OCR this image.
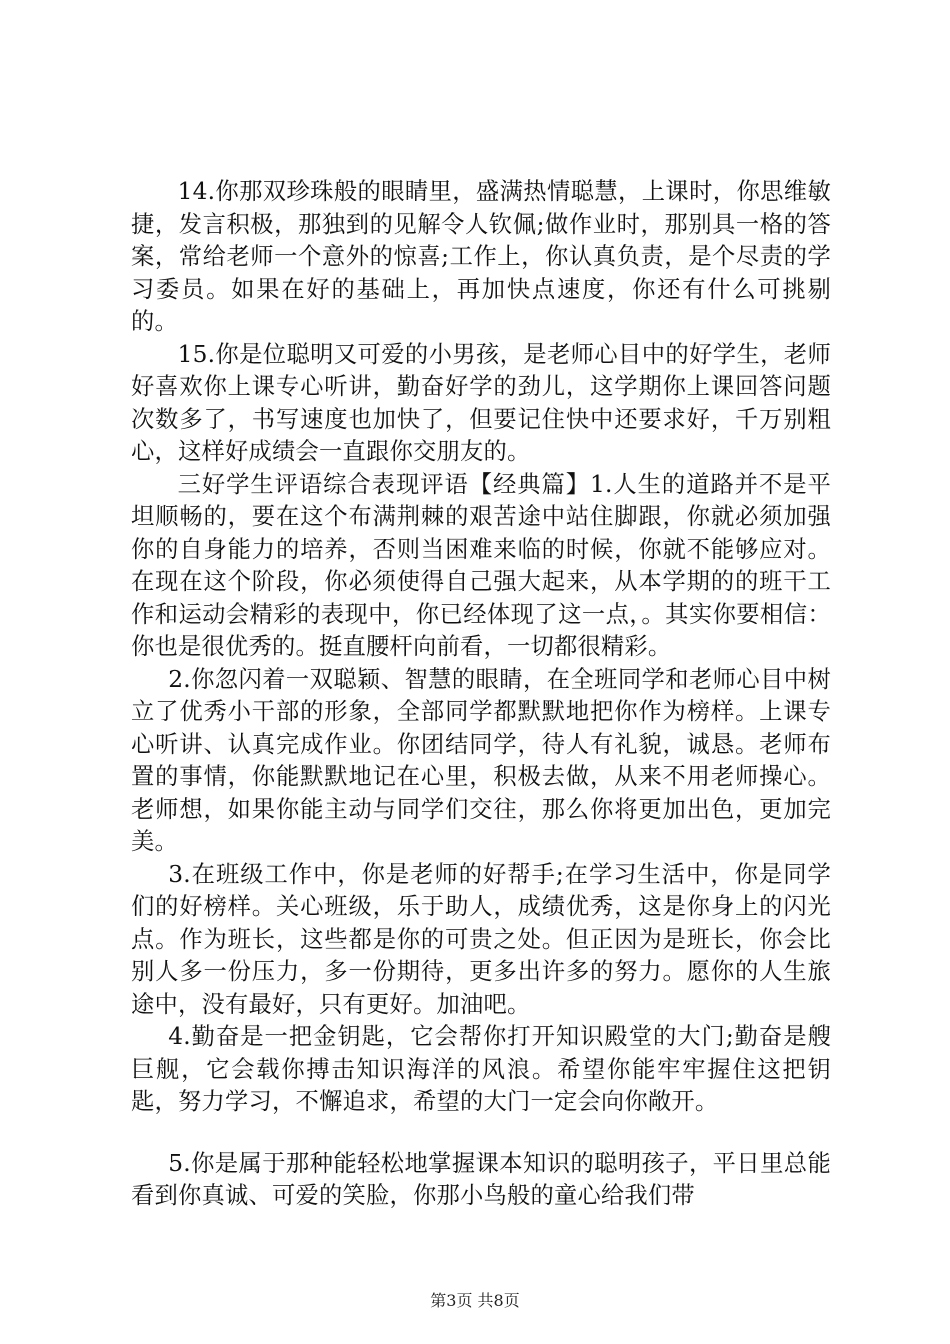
14.你那双珍珠般的眼睛里，盛满热情聪慧，上课时，你思维敏捷，发言积极，那独到的见解令人钦佩;做作业时，那别具一格的答案，常给老师一个意外的惊喜;工作上，你认真负责，是个尽责的学习委员。如果在好的基础上，再加快点速度，你还有什么可挑剔的。

15.你是位聪明又可爱的小男孩，是老师心目中的好学生，老师好喜欢你上课专心听讲，勤奋好学的劲儿，这学期你上课回答问题次数多了，书写速度也加快了，但要记住快中还要求好，千万别粗心，这样好成绩会一直跟你交朋友的。

三好学生评语综合表现评语【经典篇】1.人生的道路并不是平坦顺畅的，要在这个布满荆棘的艰苦途中站住脚跟，你就必须加强你的自身能力的培养，否则当困难来临的时候，你就不能够应对。在现在这个阶段，你必须使得自己强大起来，从本学期的的班干工作和运动会精彩的表现中，你已经体现了这一点，。其实你要相信：你也是很优秀的。挺直腰杆向前看，一切都很精彩。

2.你忽闪着一双聪颖、智慧的眼睛，在全班同学和老师心目中树立了优秀小干部的形象，全部同学都默默地把你作为榜样。上课专心听讲、认真完成作业。你团结同学，待人有礼貌，诚恳。老师布置的事情，你能默默地记在心里，积极去做，从来不用老师操心。老师想，如果你能主动与同学们交往，那么你将更加出色，更加完美。

3.在班级工作中，你是老师的好帮手;在学习生活中，你是同学们的好榜样。关心班级，乐于助人，成绩优秀，这是你身上的闪光点。作为班长，这些都是你的可贵之处。但正因为是班长，你会比别人多一份压力，多一份期待，更多出许多的努力。愿你的人生旅途中，没有最好，只有更好。加油吧。

4.勤奋是一把金钥匙，它会帮你打开知识殿堂的大门;勤奋是艘巨舰，它会载你搏击知识海洋的风浪。希望你能牢牢握住这把钥匙，努力学习，不懈追求，希望的大门一定会向你敞开。

5.你是属于那种能轻松地掌握课本知识的聪明孩子，平日里总能看到你真诚、可爱的笑脸，你那小鸟般的童心给我们带

第3页 共8页
